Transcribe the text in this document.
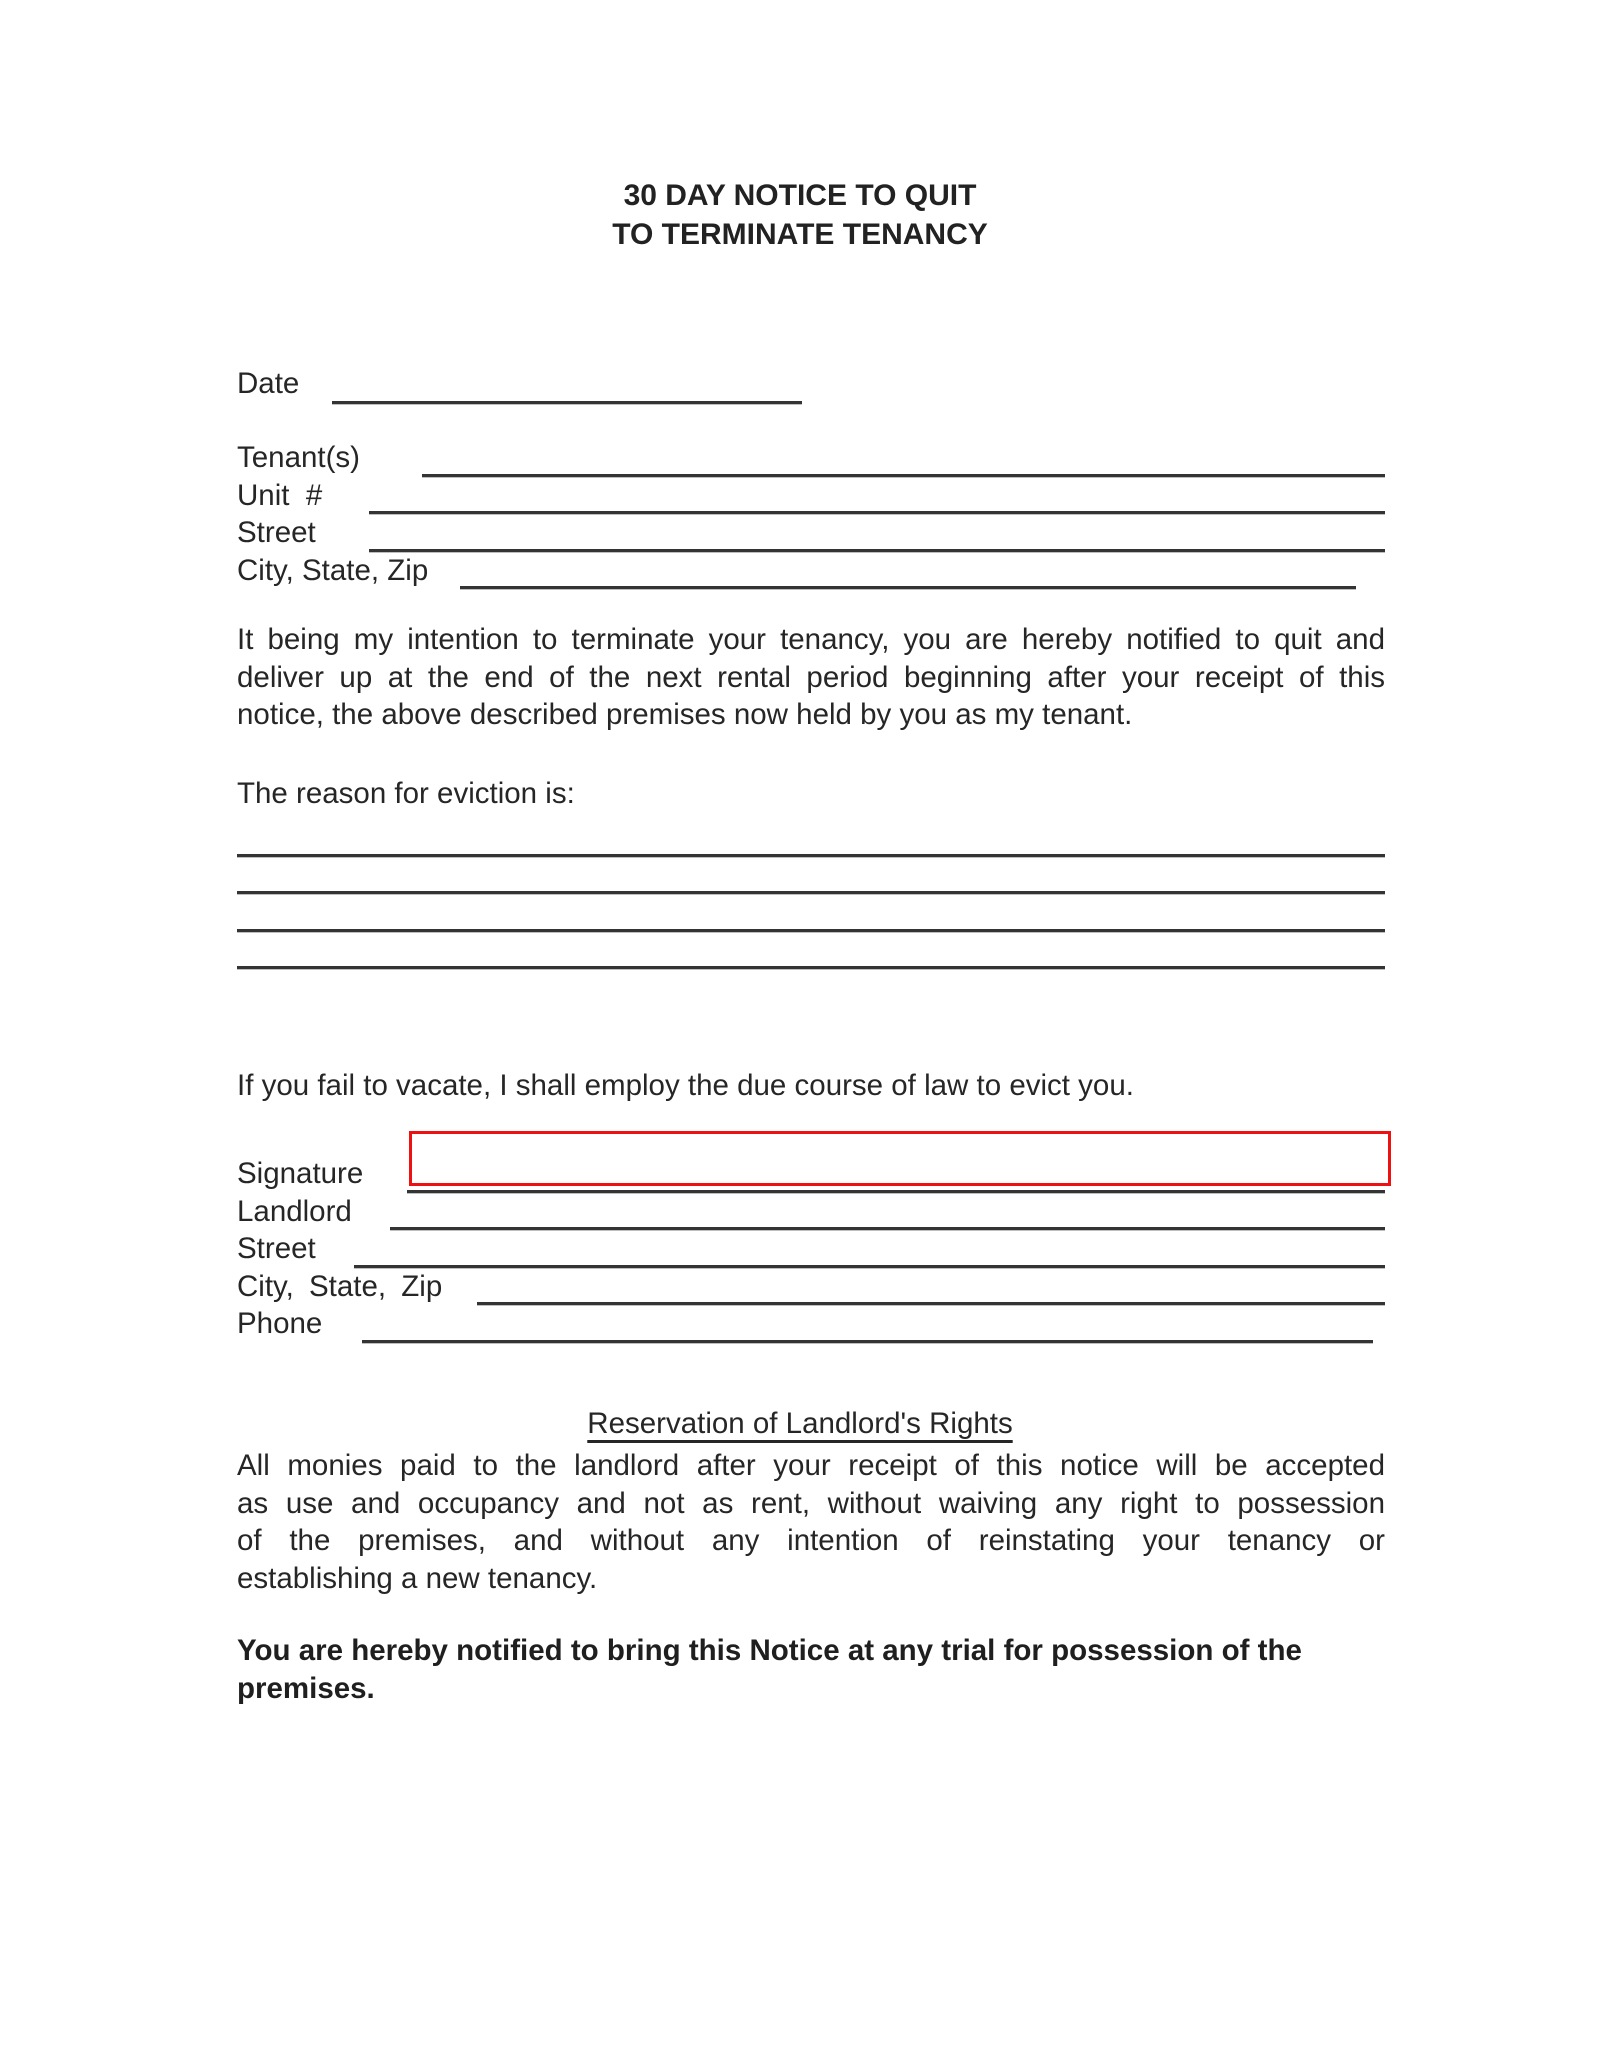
30 DAY NOTICE TO QUIT
TO TERMINATE TENANCY
Date
Tenant(s)
Unit  #
Street
City, State, Zip
It being my intention to terminate your tenancy, you are hereby notified to quit and
deliver up at the end of the next rental period beginning after your receipt of this
notice, the above described premises now held by you as my tenant.
The reason for eviction is:
If you fail to vacate, I shall employ the due course of law to evict you.
Signature
Landlord
Street
City, State, Zip
Phone
Reservation of Landlord's Rights
All monies paid to the landlord after your receipt of this notice will be accepted
as use and occupancy and not as rent, without waiving any right to possession
of the premises, and without any intention of reinstating your tenancy or
establishing a new tenancy.
You are hereby notified to bring this Notice at any trial for possession of the
premises.
